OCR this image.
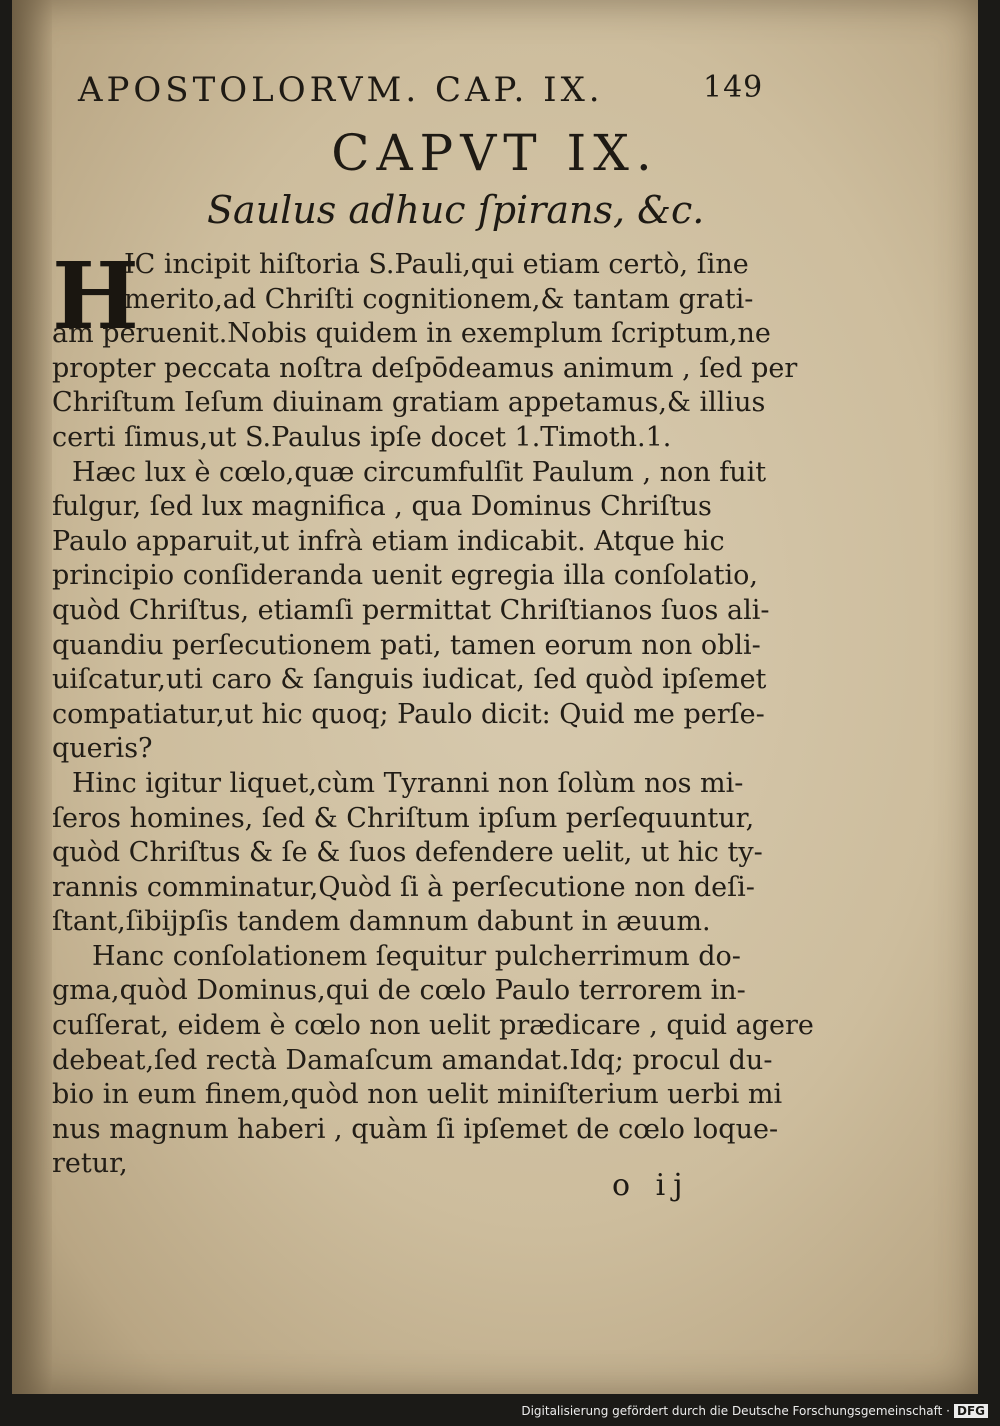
APOSTOLORVM. CAP. IX.	149
CAPVT IX.
Saulus adhuc ſpirans, &c.
H
IC incipit hiſtoria S.Pauli,qui etiam certò, ſine
merito,ad Chriſti cognitionem,& tantam grati-
am peruenit.Nobis quidem in exemplum ſcriptum,ne
propter peccata noſtra deſpōdeamus animum , ſed per
Chriſtum Ieſum diuinam gratiam appetamus,& illius
certi ſimus,ut S.Paulus ipſe docet 1.Timoth.1.
Hæc lux è cœlo,quæ circumfulſit Paulum , non fuit
fulgur, ſed lux magnifica , qua Dominus Chriſtus
Paulo apparuit,ut infrà etiam indicabit. Atque hic
principio conſideranda uenit egregia illa conſolatio,
quòd Chriſtus, etiamſi permittat Chriſtianos ſuos ali-
quandiu perſecutionem pati, tamen eorum non obli-
uiſcatur,uti caro & ſanguis iudicat, ſed quòd ipſemet
compatiatur,ut hic quoq; Paulo dicit: Quid me perſe-
queris?
Hinc igitur liquet,cùm Tyranni non ſolùm nos mi-
ſeros homines, ſed & Chriſtum ipſum perſequuntur,
quòd Chriſtus & ſe & ſuos defendere uelit, ut hic ty-
rannis comminatur,Quòd ſi à perſecutione non deſi-
ſtant,ſibijpſis tandem damnum dabunt in æuum.
Hanc conſolationem ſequitur pulcherrimum do-
gma,quòd Dominus,qui de cœlo Paulo terrorem in-
cuſſerat, eidem è cœlo non uelit prædicare , quid agere
debeat,ſed rectà Damaſcum amandat.Idq; procul du-
bio in eum finem,quòd non uelit miniſterium uerbi mi
nus magnum haberi , quàm ſi ipſemet de cœlo loque-
retur,
o ij
Digitalisierung gefördert durch die Deutsche Forschungsgemeinschaft · DFG
